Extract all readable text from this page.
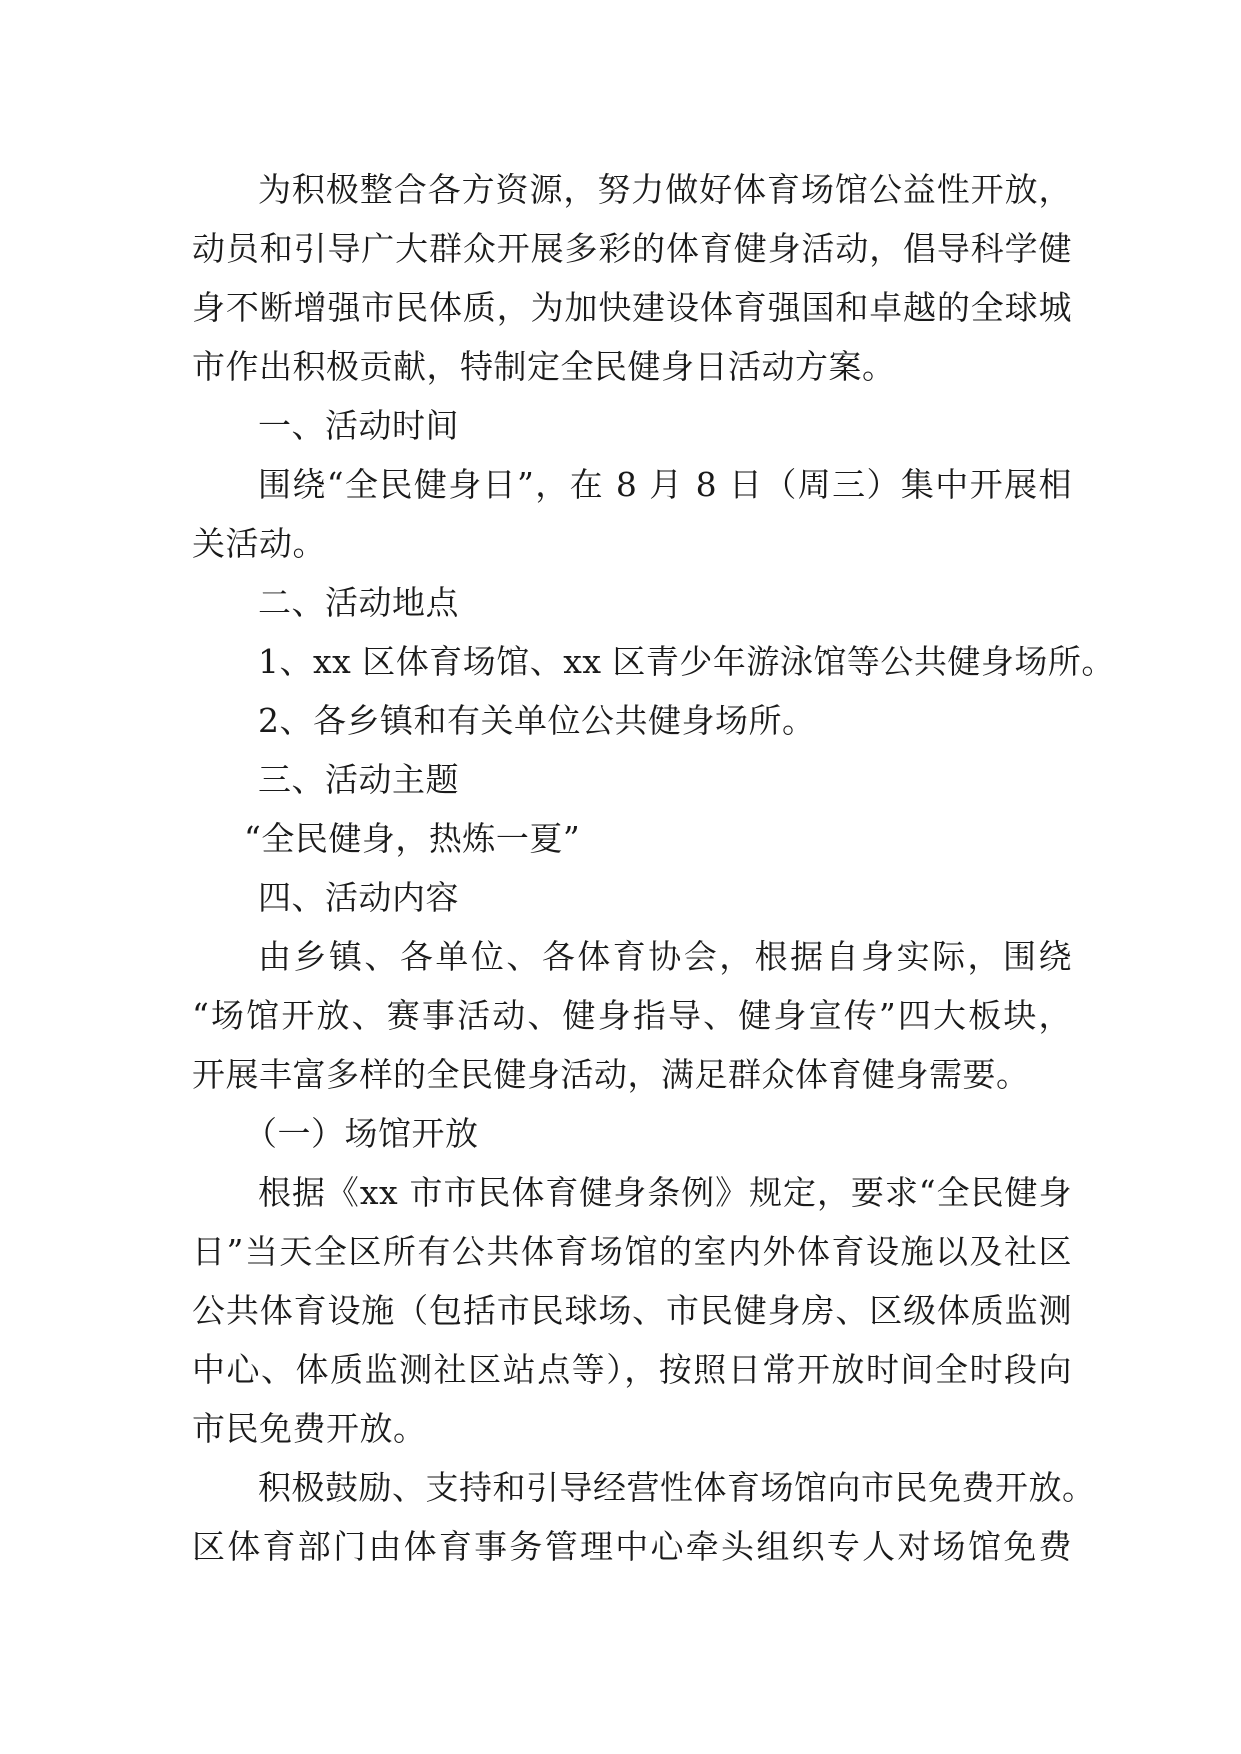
为积极整合各方资源，努力做好体育场馆公益性开放，
动员和引导广大群众开展多彩的体育健身活动，倡导科学健
身不断增强市民体质，为加快建设体育强国和卓越的全球城
市作出积极贡献，特制定全民健身日活动方案。
一、活动时间
围绕“全民健身日”，在 8 月 8 日（周三）集中开展相
关活动。
二、活动地点
1、xx 区体育场馆、xx 区青少年游泳馆等公共健身场所。
2、各乡镇和有关单位公共健身场所。
三、活动主题
“全民健身，热炼一夏”
四、活动内容
由乡镇、各单位、各体育协会，根据自身实际，围绕
“场馆开放、赛事活动、健身指导、健身宣传”四大板块，
开展丰富多样的全民健身活动，满足群众体育健身需要。
（一）场馆开放
根据《xx 市市民体育健身条例》规定，要求“全民健身
日”当天全区所有公共体育场馆的室内外体育设施以及社区
公共体育设施（包括市民球场、市民健身房、区级体质监测
中心、体质监测社区站点等），按照日常开放时间全时段向
市民免费开放。
积极鼓励、支持和引导经营性体育场馆向市民免费开放。
区体育部门由体育事务管理中心牵头组织专人对场馆免费
